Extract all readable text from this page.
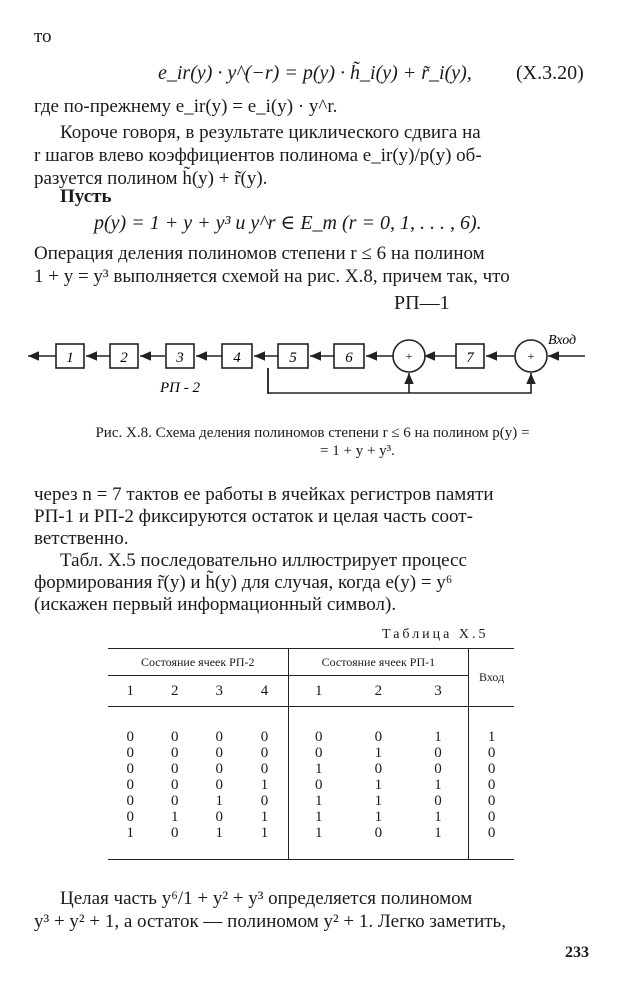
то
e_ir(y) · y^(−r) = p(y) · h̃_i(y) + r̃_i(y), (X.3.20)
где по-прежнему e_ir(y) = e_i(y) · y^r.
Короче говоря, в результате циклического сдвига на
r шагов влево коэффициентов полинома e_ir(y)/p(y) об-
разуется полином h̃(y) + r̃(y).
Пусть
p(y) = 1 + y + y³ и y^r ∈ E_m (r = 0, 1, . . . , 6).
Операция деления полиномов степени r ≤ 6 на полином
1 + y = y³ выполняется схемой на рис. X.8, причем так, что
РП—1
1	2	3	4	5	6	+	7	+
РП - 2
Вход
Рис. X.8. Схема деления полиномов степени r ≤ 6 на полином p(y) =
= 1 + y + y³.
через n = 7 тактов ее работы в ячейках регистров памяти
РП-1 и РП-2 фиксируются остаток и целая часть соот-
ветственно.
Табл. X.5 последовательно иллюстрирует процесс
формирования r̃(y) и h̃(y) для случая, когда e(y) = y⁶
(искажен первый информационный символ).
Таблица X.5
Состояние ячеек РП-2				Состояние ячеек РП-1			Вход
1	2	3	4	1	2	3	
0	0	0	0	0	0	1	1
0	0	0	0	0	1	0	0
0	0	0	0	1	0	0	0
0	0	0	1	0	1	1	0
0	0	1	0	1	1	0	0
0	1	0	1	1	1	1	0
1	0	1	1	1	0	1	0
Целая часть y⁶/1 + y² + y³ определяется полиномом
y³ + y² + 1, а остаток — полиномом y² + 1. Легко заметить,
233
